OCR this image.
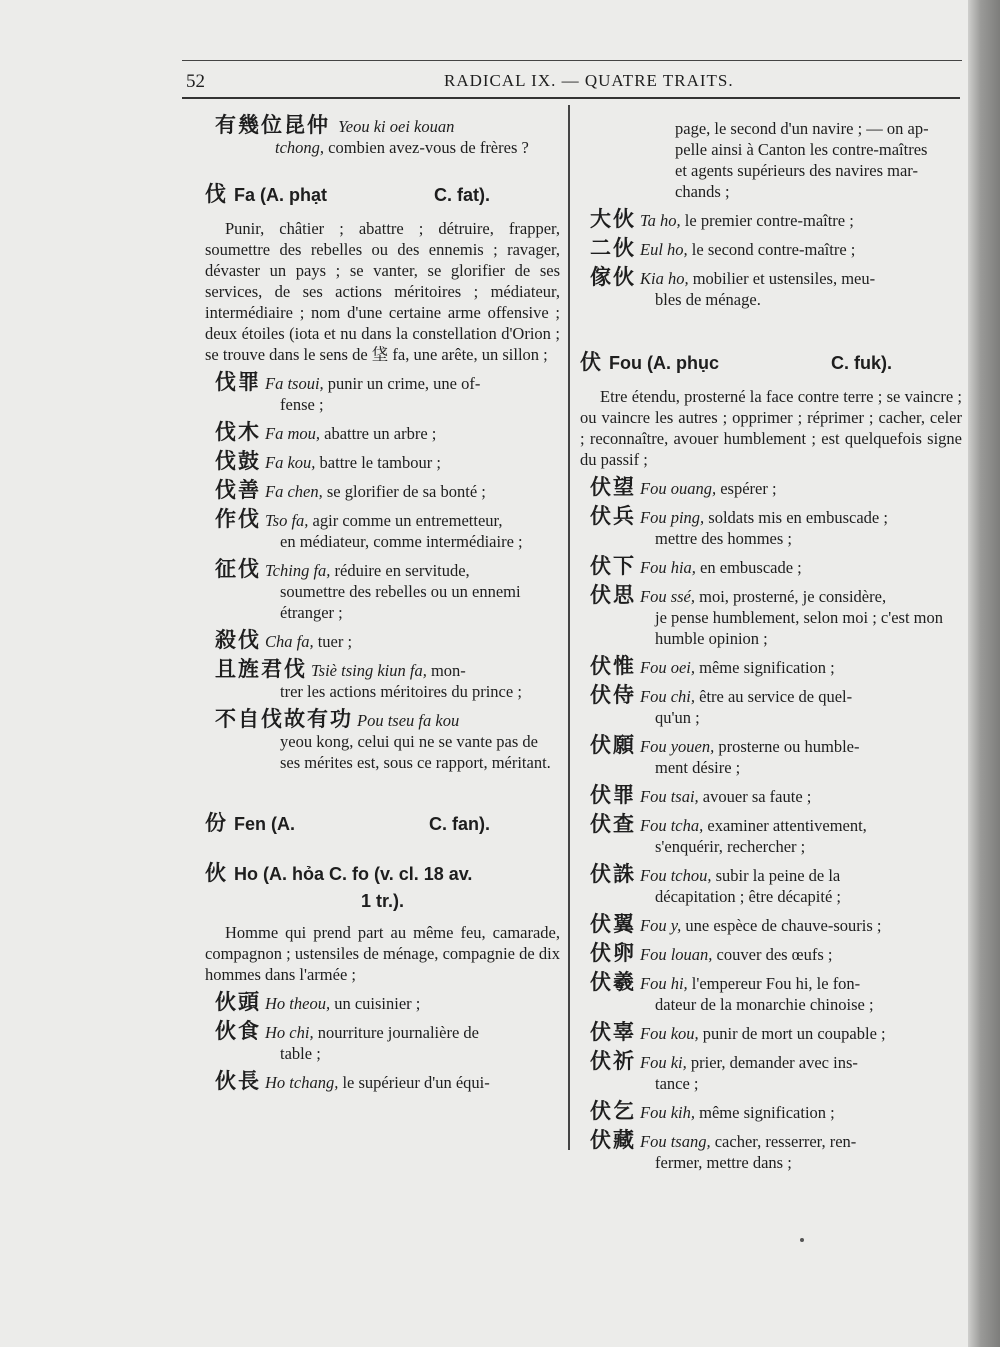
52	RADICAL IX. — QUATRE TRAITS.
有幾位昆仲 Yeou ki oei kouan
tchong, combien avez-vous de frères ?
伐 Fa
(A. phạt	C. fat).
Punir, châtier ; abattre ; détruire, frapper, soumettre des rebelles ou des ennemis ; ravager, dévaster un pays ; se vanter, se glorifier de ses services, de ses actions méritoires ; médiateur, intermédiaire ; nom d'une certaine arme offensive ; deux étoiles (iota et nu dans la constellation d'Orion ; se trouve dans le sens de 垡 fa, une arête, un sillon ;
伐罪 Fa tsoui, punir un crime, une of-
fense ;
伐木 Fa mou, abattre un arbre ;
伐鼓 Fa kou, battre le tambour ;
伐善 Fa chen, se glorifier de sa bonté ;
作伐 Tso fa, agir comme un entremetteur,
en médiateur, comme intermédiaire ;
征伐 Tching fa, réduire en servitude,
soumettre des rebelles ou un ennemi étranger ;
殺伐 Cha fa, tuer ;
且旌君伐 Tsiè tsing kiun fa, mon-
trer les actions méritoires du prince ;
不自伐故有功 Pou tseu fa kou
yeou kong, celui qui ne se vante pas de ses mérites est, sous ce rapport, méritant.
份 Fen
(A.	C. fan).
伙 Ho
(A. hỏa
C. fo (v. cl. 18 av.
1 tr.).
Homme qui prend part au même feu, camarade, compagnon ; ustensiles de ménage, compagnie de dix hommes dans l'armée ;
伙頭 Ho theou, un cuisinier ;
伙食 Ho chi, nourriture journalière de
table ;
伙長 Ho tchang, le supérieur d'un équi-
page, le second d'un navire ; — on ap-
pelle ainsi à Canton les contre-maîtres
et agents supérieurs des navires mar-
chands ;
大伙 Ta ho, le premier contre-maître ;
二伙 Eul ho, le second contre-maître ;
傢伙 Kia ho, mobilier et ustensiles, meu-
bles de ménage.
伏 Fou
(A. phục	C. fuk).
Etre étendu, prosterné la face contre terre ; se vaincre ; ou vaincre les autres ; opprimer ; réprimer ; cacher, celer ; reconnaître, avouer humblement ; est quelquefois signe du passif ;
伏望 Fou ouang, espérer ;
伏兵 Fou ping, soldats mis en embuscade ;
mettre des hommes ;
伏下 Fou hia, en embuscade ;
伏思 Fou ssé, moi, prosterné, je considère,
je pense humblement, selon moi ; c'est mon humble opinion ;
伏惟 Fou oei, même signification ;
伏侍 Fou chi, être au service de quel-
qu'un ;
伏願 Fou youen, prosterne ou humble-
ment désire ;
伏罪 Fou tsai, avouer sa faute ;
伏查 Fou tcha, examiner attentivement,
s'enquérir, rechercher ;
伏誅 Fou tchou, subir la peine de la
décapitation ; être décapité ;
伏翼 Fou y, une espèce de chauve-souris ;
伏卵 Fou louan, couver des œufs ;
伏羲 Fou hi, l'empereur Fou hi, le fon-
dateur de la monarchie chinoise ;
伏辜 Fou kou, punir de mort un coupable ;
伏祈 Fou ki, prier, demander avec ins-
tance ;
伏乞 Fou kih, même signification ;
伏藏 Fou tsang, cacher, resserrer, ren-
fermer, mettre dans ;
